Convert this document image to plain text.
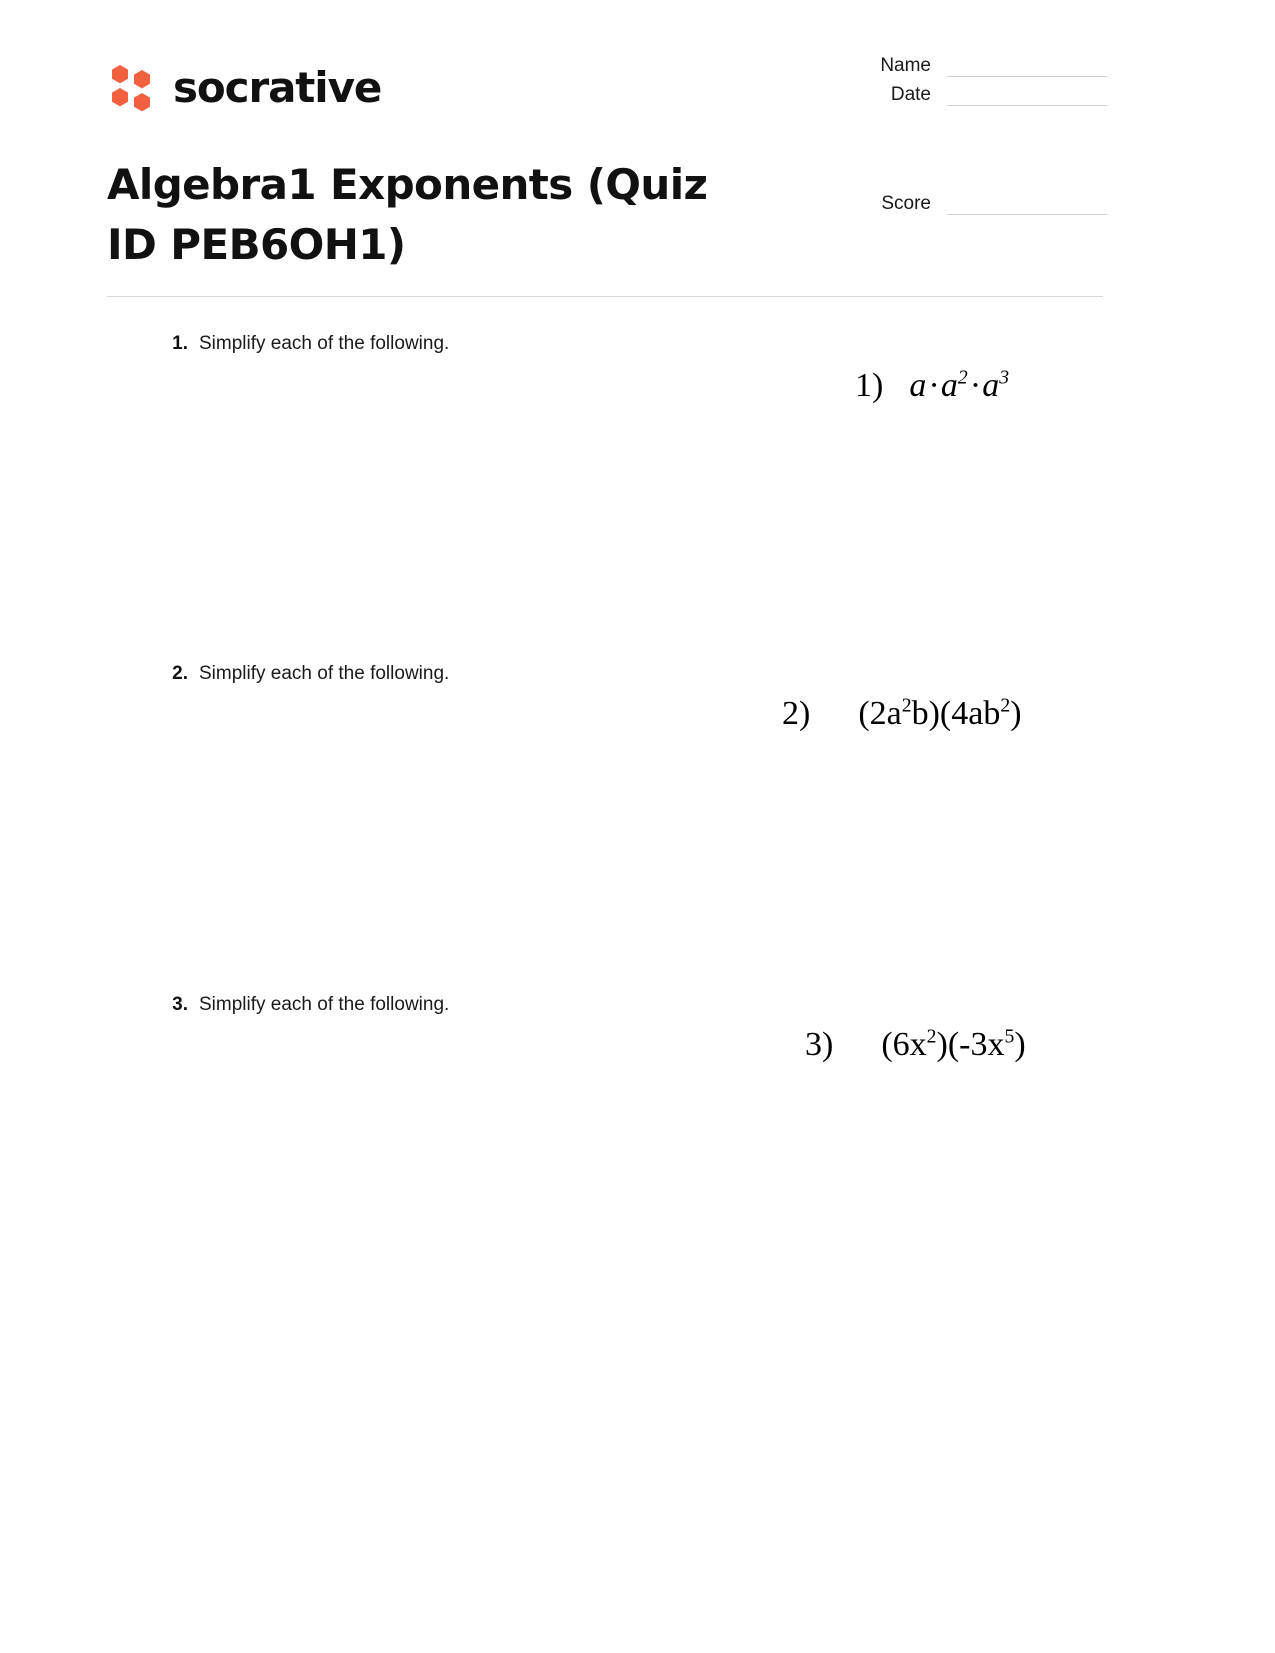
socrative	Name
Date
Score
Algebra1 Exponents (Quiz ID PEB6OH1)
1. Simplify each of the following.
1) $a\cdot a^2\cdot a^3$
2. Simplify each of the following.
2) $(2a^2b)(4ab^2)$
3. Simplify each of the following.
3) $(6x^2)(-3x^5)$
